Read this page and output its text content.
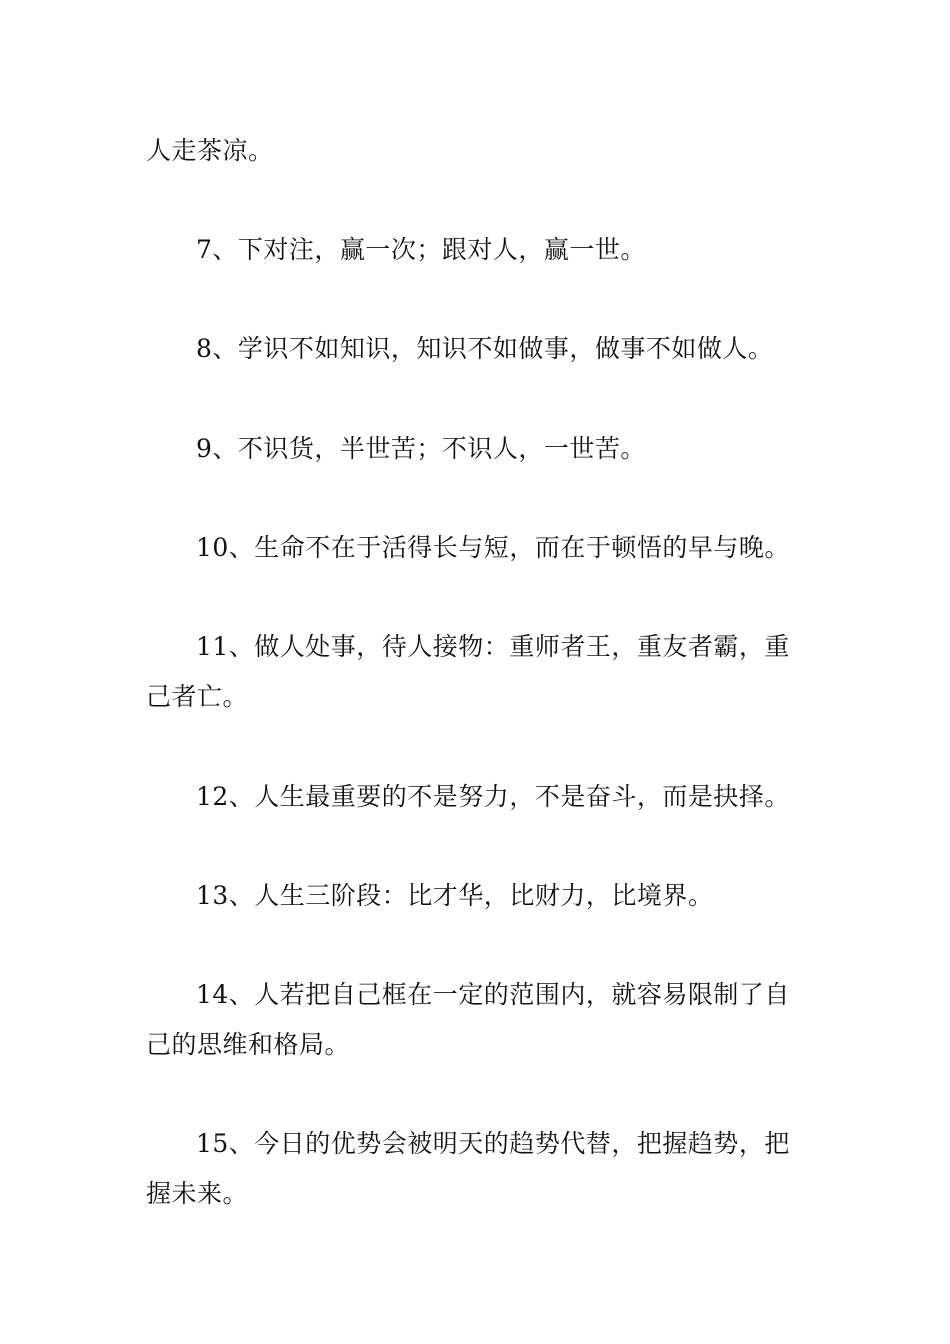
人走茶凉。

7、下对注，赢一次；跟对人，赢一世。

8、学识不如知识，知识不如做事，做事不如做人。

9、不识货，半世苦；不识人，一世苦。

10、生命不在于活得长与短，而在于顿悟的早与晚。

11、做人处事，待人接物：重师者王，重友者霸，重己者亡。

12、人生最重要的不是努力，不是奋斗，而是抉择。

13、人生三阶段：比才华，比财力，比境界。

14、人若把自己框在一定的范围内，就容易限制了自己的思维和格局。

15、今日的优势会被明天的趋势代替，把握趋势，把握未来。
